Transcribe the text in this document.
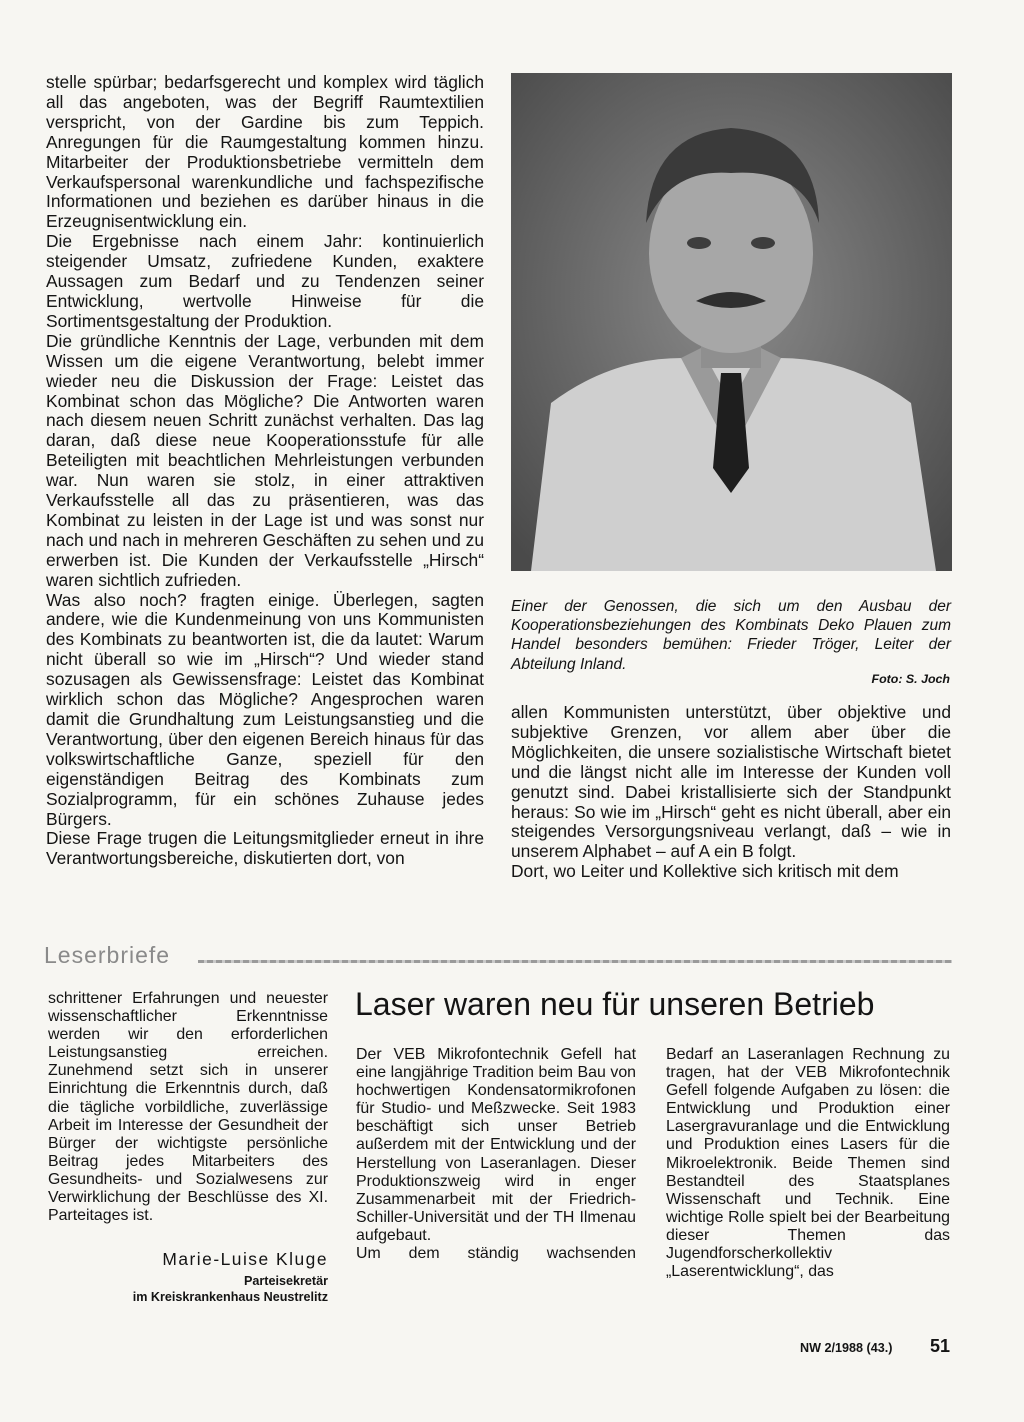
stelle spürbar; bedarfsgerecht und komplex wird täglich all das angeboten, was der Begriff Raumtextilien verspricht, von der Gardine bis zum Teppich. Anregungen für die Raumgestaltung kommen hinzu. Mitarbeiter der Produktionsbetriebe vermitteln dem Verkaufspersonal warenkundliche und fachspezifische Informationen und beziehen es darüber hinaus in die Erzeugnisentwicklung ein.

Die Ergebnisse nach einem Jahr: kontinuierlich steigender Umsatz, zufriedene Kunden, exaktere Aussagen zum Bedarf und zu Tendenzen seiner Entwicklung, wertvolle Hinweise für die Sortimentsgestaltung der Produktion.

Die gründliche Kenntnis der Lage, verbunden mit dem Wissen um die eigene Verantwortung, belebt immer wieder neu die Diskussion der Frage: Leistet das Kombinat schon das Mögliche? Die Antworten waren nach diesem neuen Schritt zunächst verhalten. Das lag daran, daß diese neue Kooperationsstufe für alle Beteiligten mit beachtlichen Mehrleistungen verbunden war. Nun waren sie stolz, in einer attraktiven Verkaufsstelle all das zu präsentieren, was das Kombinat zu leisten in der Lage ist und was sonst nur nach und nach in mehreren Geschäften zu sehen und zu erwerben ist. Die Kunden der Verkaufsstelle „Hirsch“ waren sichtlich zufrieden.

Was also noch? fragten einige. Überlegen, sagten andere, wie die Kundenmeinung von uns Kommunisten des Kombinats zu beantworten ist, die da lautet: Warum nicht überall so wie im „Hirsch“? Und wieder stand sozusagen als Gewissensfrage: Leistet das Kombinat wirklich schon das Mögliche? Angesprochen waren damit die Grundhaltung zum Leistungsanstieg und die Verantwortung, über den eigenen Bereich hinaus für das volkswirtschaftliche Ganze, speziell für den eigenständigen Beitrag des Kombinats zum Sozialprogramm, für ein schönes Zuhause jedes Bürgers.

Diese Frage trugen die Leitungsmitglieder erneut in ihre Verantwortungsbereiche, diskutierten dort, von

Einer der Genossen, die sich um den Ausbau der Kooperationsbeziehungen des Kombinats Deko Plauen zum Handel besonders bemühen: Frieder Tröger, Leiter der Abteilung Inland.
Foto: S. Joch

allen Kommunisten unterstützt, über objektive und subjektive Grenzen, vor allem aber über die Möglichkeiten, die unsere sozialistische Wirtschaft bietet und die längst nicht alle im Interesse der Kunden voll genutzt sind. Dabei kristallisierte sich der Standpunkt heraus: So wie im „Hirsch“ geht es nicht überall, aber ein steigendes Versorgungsniveau verlangt, daß – wie in unserem Alphabet – auf A ein B folgt.

Dort, wo Leiter und Kollektive sich kritisch mit dem

Leserbriefe

schrittener Erfahrungen und neuester wissenschaftlicher Erkenntnisse werden wir den erforderlichen Leistungsanstieg erreichen. Zunehmend setzt sich in unserer Einrichtung die Erkenntnis durch, daß die tägliche vorbildliche, zuverlässige Arbeit im Interesse der Gesundheit der Bürger der wichtigste persönliche Beitrag jedes Mitarbeiters des Gesundheits- und Sozialwesens zur Verwirklichung der Beschlüsse des XI. Parteitages ist.

Marie-Luise Kluge
Parteisekretär
im Kreiskrankenhaus Neustrelitz
Laser waren neu für unseren Betrieb

Der VEB Mikrofontechnik Gefell hat eine langjährige Tradition beim Bau von hochwertigen Kondensatormikrofonen für Studio- und Meßzwecke. Seit 1983 beschäftigt sich unser Betrieb außerdem mit der Entwicklung und der Herstellung von Laseranlagen. Dieser Produktionszweig wird in enger Zusammenarbeit mit der Friedrich-Schiller-Universität und der TH Ilmenau aufgebaut.

Um dem ständig wachsenden

Bedarf an Laseranlagen Rechnung zu tragen, hat der VEB Mikrofontechnik Gefell folgende Aufgaben zu lösen: die Entwicklung und Produktion einer Lasergravuranlage und die Entwicklung und Produktion eines Lasers für die Mikroelektronik. Beide Themen sind Bestandteil des Staatsplanes Wissenschaft und Technik. Eine wichtige Rolle spielt bei der Bearbeitung dieser Themen das Jugendforscherkollektiv „Laserentwicklung“, das

NW 2/1988 (43.) 51
